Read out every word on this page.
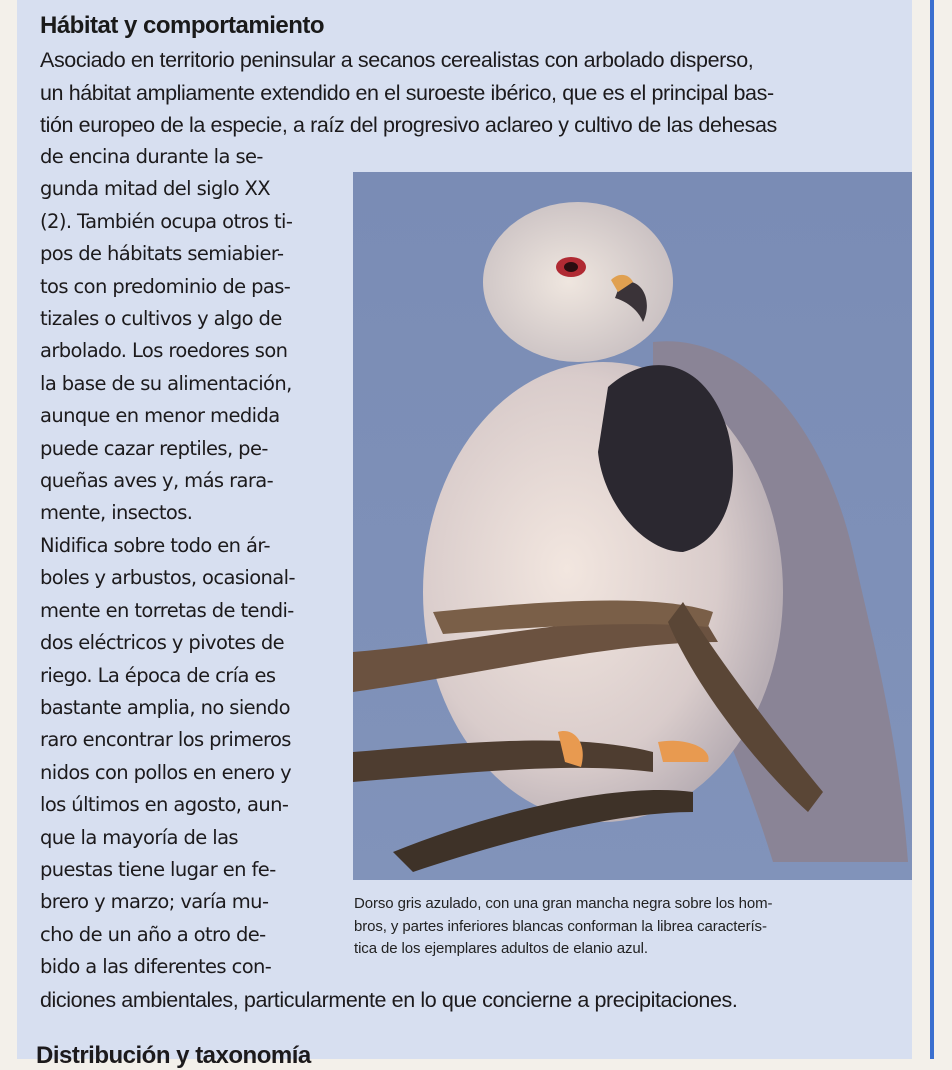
Hábitat y comportamiento
Asociado en territorio peninsular a secanos cerealistas con arbolado disperso,
un hábitat ampliamente extendido en el suroeste ibérico, que es el principal bas-
tión europeo de la especie, a raíz del progresivo aclareo y cultivo de las dehesas
de encina durante la se-
gunda mitad del siglo XX
(2). También ocupa otros ti-
pos de hábitats semiabier-
tos con predominio de pas-
tizales o cultivos y algo de
arbolado. Los roedores son
la base de su alimentación,
aunque en menor medida
puede cazar reptiles, pe-
queñas aves y, más rara-
mente, insectos.
Nidifica sobre todo en ár-
boles y arbustos, ocasional-
mente en torretas de tendi-
dos eléctricos y pivotes de
riego. La época de cría es
bastante amplia, no siendo
raro encontrar los primeros
nidos con pollos en enero y
los últimos en agosto, aun-
que la mayoría de las
puestas tiene lugar en fe-
brero y marzo; varía mu-
cho de un año a otro de-
bido a las diferentes con-
Dorso gris azulado, con una gran mancha negra sobre los hom-
bros, y partes inferiores blancas conforman la librea caracterís-
tica de los ejemplares adultos de elanio azul.
diciones ambientales, particularmente en lo que concierne a precipitaciones.
Distribución y taxonomía
